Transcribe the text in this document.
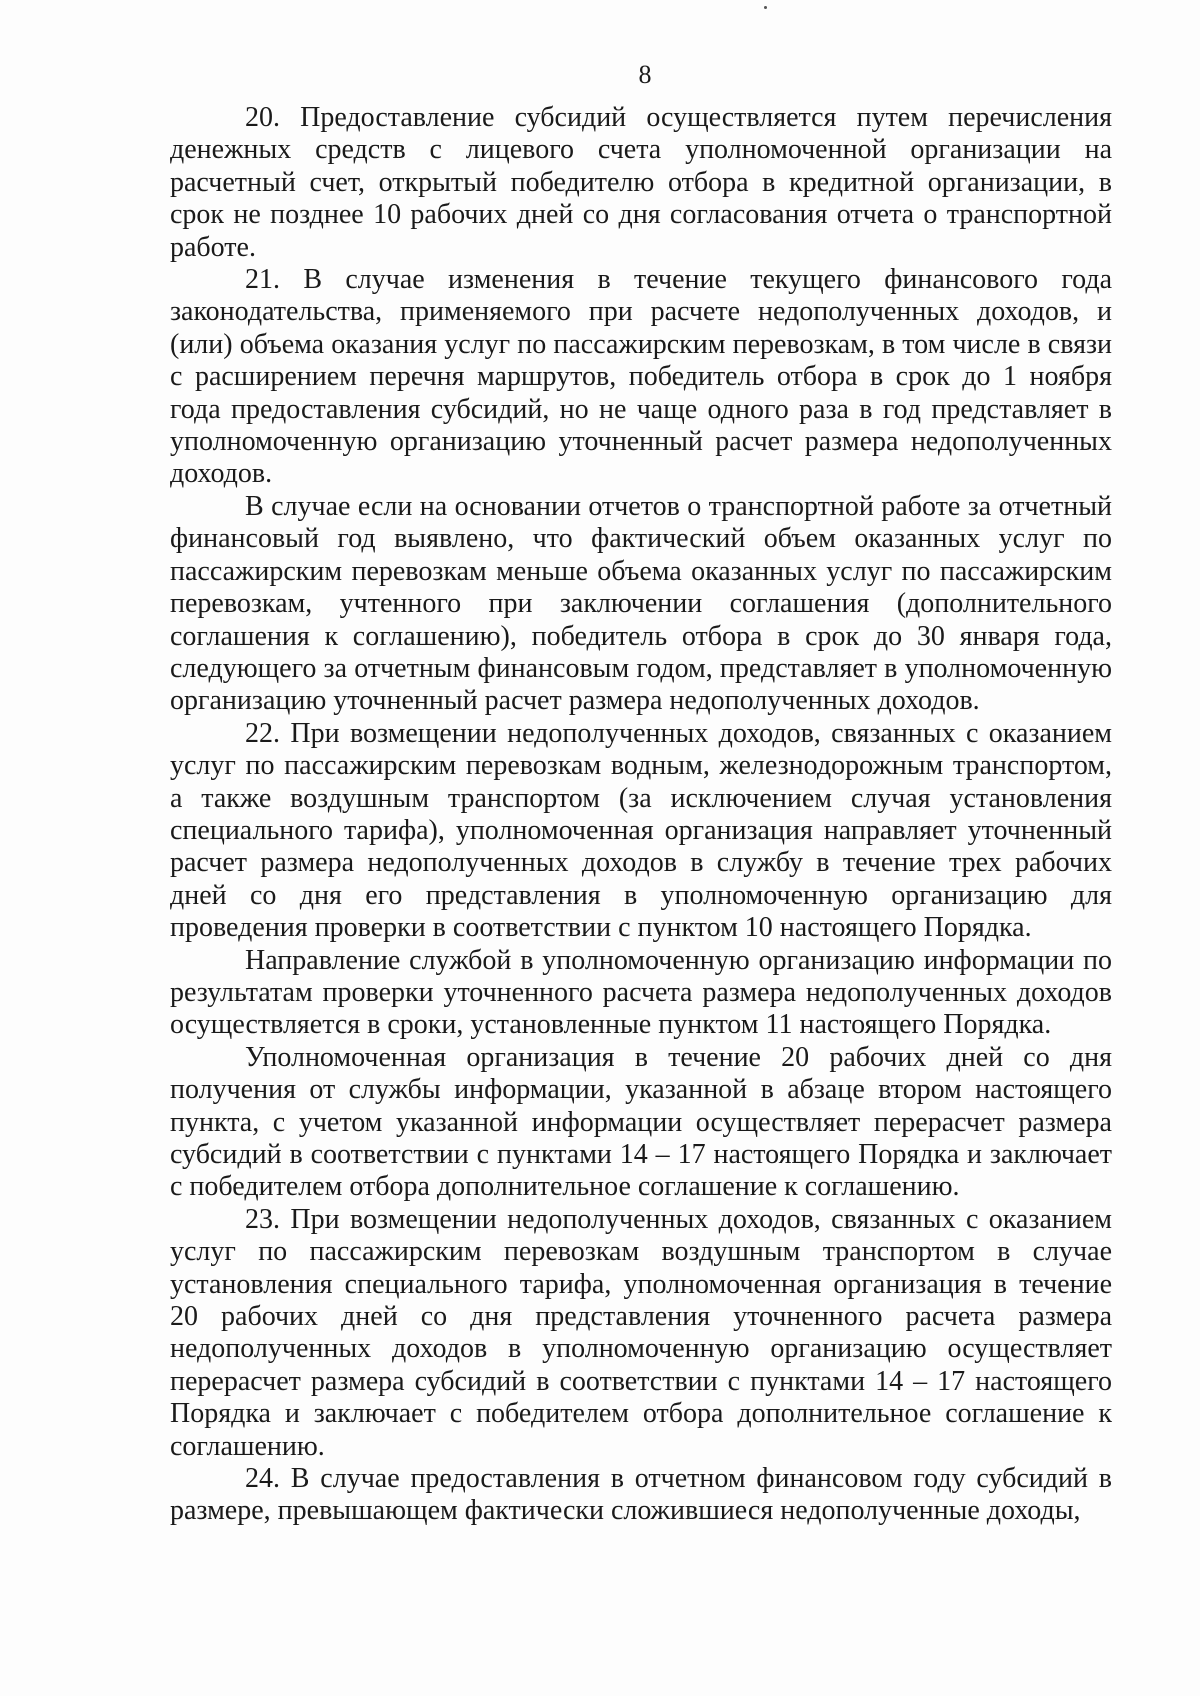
8

20. Предоставление субсидий осуществляется путем перечисления денежных средств с лицевого счета уполномоченной организации на расчетный счет, открытый победителю отбора в кредитной организации, в срок не позднее 10 рабочих дней со дня согласования отчета о транспортной работе.

21. В случае изменения в течение текущего финансового года законодательства, применяемого при расчете недополученных доходов, и (или) объема оказания услуг по пассажирским перевозкам, в том числе в связи с расширением перечня маршрутов, победитель отбора в срок до 1 ноября года предоставления субсидий, но не чаще одного раза в год представляет в уполномоченную организацию уточненный расчет размера недополученных доходов.

В случае если на основании отчетов о транспортной работе за отчетный финансовый год выявлено, что фактический объем оказанных услуг по пассажирским перевозкам меньше объема оказанных услуг по пассажирским перевозкам, учтенного при заключении соглашения (дополнительного соглашения к соглашению), победитель отбора в срок до 30 января года, следующего за отчетным финансовым годом, представляет в уполномоченную организацию уточненный расчет размера недополученных доходов.

22. При возмещении недополученных доходов, связанных с оказанием услуг по пассажирским перевозкам водным, железнодорожным транспортом, а также воздушным транспортом (за исключением случая установления специального тарифа), уполномоченная организация направляет уточненный расчет размера недополученных доходов в службу в течение трех рабочих дней со дня его представления в уполномоченную организацию для проведения проверки в соответствии с пунктом 10 настоящего Порядка.

Направление службой в уполномоченную организацию информации по результатам проверки уточненного расчета размера недополученных доходов осуществляется в сроки, установленные пунктом 11 настоящего Порядка.

Уполномоченная организация в течение 20 рабочих дней со дня получения от службы информации, указанной в абзаце втором настоящего пункта, с учетом указанной информации осуществляет перерасчет размера субсидий в соответствии с пунктами 14 – 17 настоящего Порядка и заключает с победителем отбора дополнительное соглашение к соглашению.

23. При возмещении недополученных доходов, связанных с оказанием услуг по пассажирским перевозкам воздушным транспортом в случае установления специального тарифа, уполномоченная организация в течение 20 рабочих дней со дня представления уточненного расчета размера недополученных доходов в уполномоченную организацию осуществляет перерасчет размера субсидий в соответствии с пунктами 14 – 17 настоящего Порядка и заключает с победителем отбора дополнительное соглашение к соглашению.

24. В случае предоставления в отчетном финансовом году субсидий в размере, превышающем фактически сложившиеся недополученные доходы,
